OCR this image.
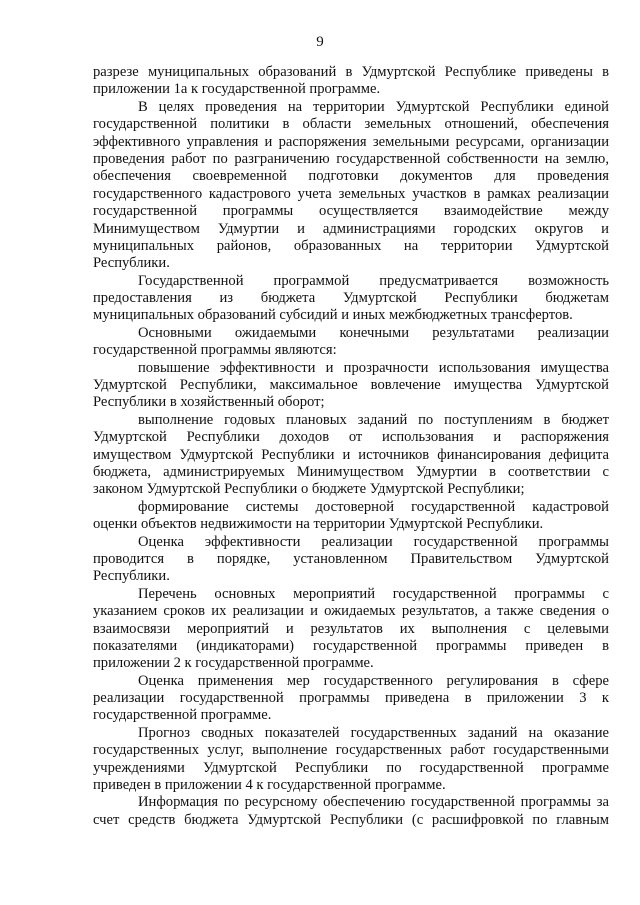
9
разрезе муниципальных образований в Удмуртской Республике приведены в
приложении 1а к государственной программе.
В целях проведения на территории Удмуртской Республики единой
государственной политики в области земельных отношений, обеспечения
эффективного управления и распоряжения земельными ресурсами, организации
проведения работ по разграничению государственной собственности на землю,
обеспечения своевременной подготовки документов для проведения
государственного кадастрового учета земельных участков в рамках реализации
государственной программы осуществляется взаимодействие между
Минимуществом Удмуртии и администрациями городских округов и
муниципальных районов, образованных на территории Удмуртской
Республики.
Государственной программой предусматривается возможность
предоставления из бюджета Удмуртской Республики бюджетам
муниципальных образований субсидий и иных межбюджетных трансфертов.
Основными ожидаемыми конечными результатами реализации
государственной программы являются:
повышение эффективности и прозрачности использования имущества
Удмуртской Республики, максимальное вовлечение имущества Удмуртской
Республики в хозяйственный оборот;
выполнение годовых плановых заданий по поступлениям в бюджет
Удмуртской Республики доходов от использования и распоряжения
имуществом Удмуртской Республики и источников финансирования дефицита
бюджета, администрируемых Минимуществом Удмуртии в соответствии с
законом Удмуртской Республики о бюджете Удмуртской Республики;
формирование системы достоверной государственной кадастровой
оценки объектов недвижимости на территории Удмуртской Республики.
Оценка эффективности реализации государственной программы
проводится в порядке, установленном Правительством Удмуртской
Республики.
Перечень основных мероприятий государственной программы с
указанием сроков их реализации и ожидаемых результатов, а также сведения о
взаимосвязи мероприятий и результатов их выполнения с целевыми
показателями (индикаторами) государственной программы приведен в
приложении 2 к государственной программе.
Оценка применения мер государственного регулирования в сфере
реализации государственной программы приведена в приложении 3 к
государственной программе.
Прогноз сводных показателей государственных заданий на оказание
государственных услуг, выполнение государственных работ государственными
учреждениями Удмуртской Республики по государственной программе
приведен в приложении 4 к государственной программе.
Информация по ресурсному обеспечению государственной программы за
счет средств бюджета Удмуртской Республики (с расшифровкой по главным
